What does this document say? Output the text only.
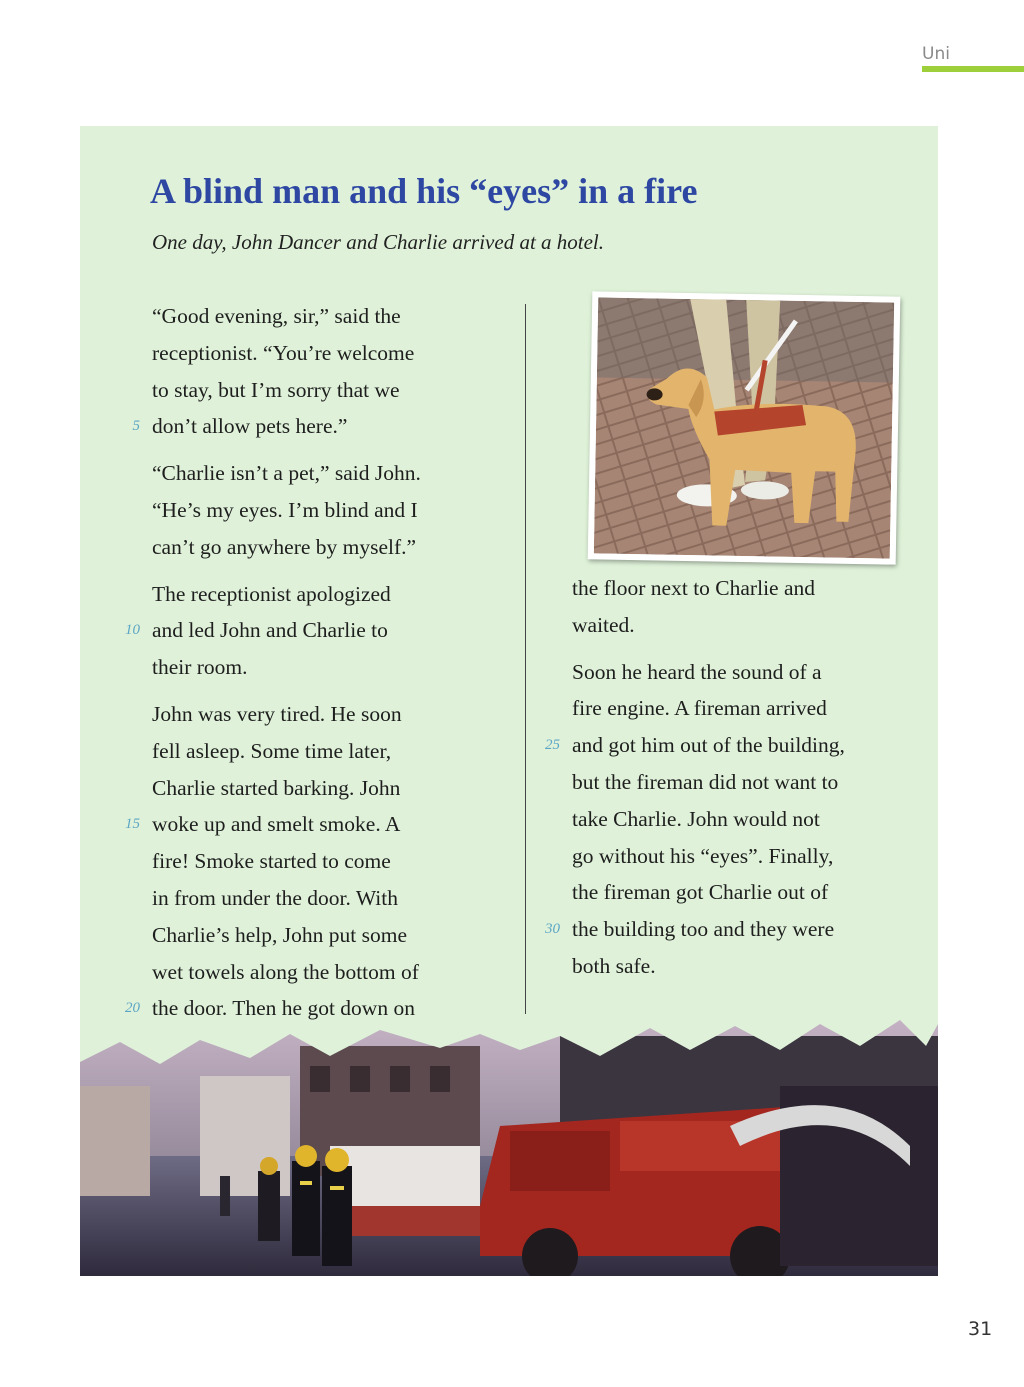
Uni
A blind man and his “eyes” in a fire

One day, John Dancer and Charlie arrived at a hotel.

“Good evening, sir,” said the
receptionist. “You’re welcome
to stay, but I’m sorry that we
don’t allow pets here.”
5
“Charlie isn’t a pet,” said John.
“He’s my eyes. I’m blind and I
can’t go anywhere by myself.”
The receptionist apologized
and led John and Charlie to
10
their room.
John was very tired. He soon
fell asleep. Some time later,
Charlie started barking. John
woke up and smelt smoke. A
15
fire! Smoke started to come
in from under the door. With
Charlie’s help, John put some
wet towels along the bottom of
the door. Then he got down on
20
the floor next to Charlie and
waited.
Soon he heard the sound of a
fire engine. A fireman arrived
and got him out of the building,
25
but the fireman did not want to
take Charlie. John would not
go without his “eyes”. Finally,
the fireman got Charlie out of
the building too and they were
30
both safe.
31
